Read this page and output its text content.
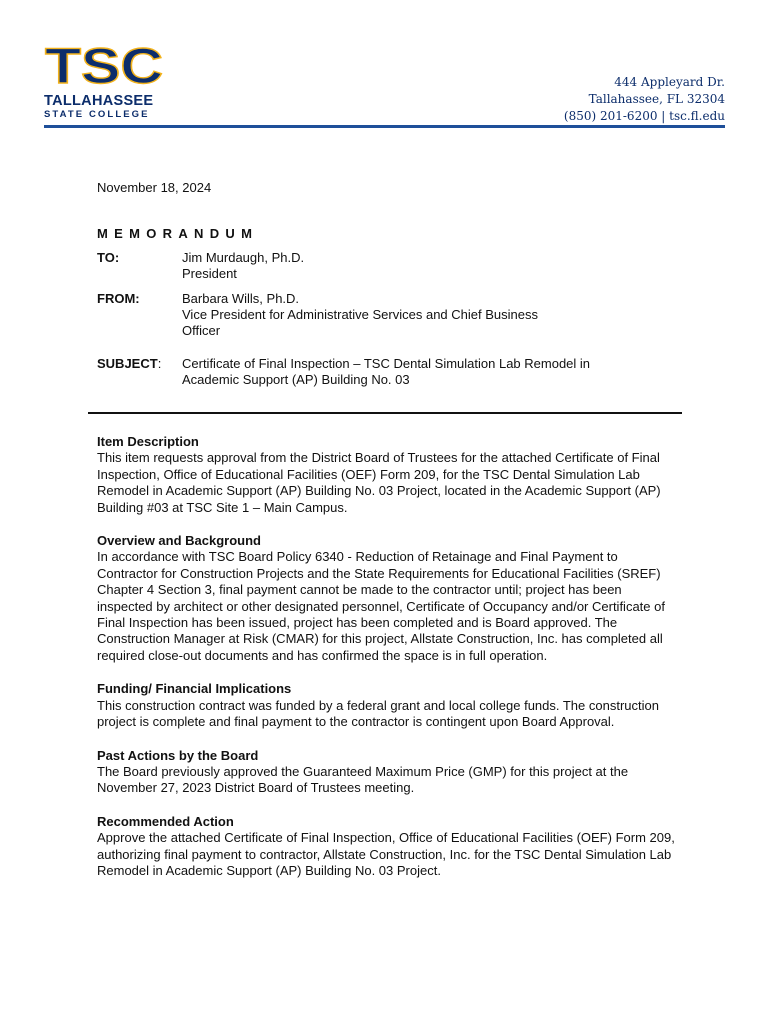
TSC
TALLAHASSEE
STATE COLLEGE
444 Appleyard Dr.
Tallahassee, FL 32304
(850) 201-6200 | tsc.fl.edu
November 18, 2024
MEMORANDUM
TO:	Jim Murdaugh, Ph.D.
President
FROM:	Barbara Wills, Ph.D.
Vice President for Administrative Services and Chief Business
Officer
SUBJECT: Certificate of Final Inspection – TSC Dental Simulation Lab Remodel in
Academic Support (AP) Building No. 03
Item Description

This item requests approval from the District Board of Trustees for the attached Certificate of Final Inspection, Office of Educational Facilities (OEF) Form 209, for the TSC Dental Simulation Lab Remodel in Academic Support (AP) Building No. 03 Project, located in the Academic Support (AP) Building #03 at TSC Site 1 – Main Campus.

Overview and Background

In accordance with TSC Board Policy 6340 - Reduction of Retainage and Final Payment to Contractor for Construction Projects and the State Requirements for Educational Facilities (SREF) Chapter 4 Section 3, final payment cannot be made to the contractor until; project has been inspected by architect or other designated personnel, Certificate of Occupancy and/or Certificate of Final Inspection has been issued, project has been completed and is Board approved. The Construction Manager at Risk (CMAR) for this project, Allstate Construction, Inc. has completed all required close-out documents and has confirmed the space is in full operation.

Funding/ Financial Implications

This construction contract was funded by a federal grant and local college funds. The construction project is complete and final payment to the contractor is contingent upon Board Approval.

Past Actions by the Board

The Board previously approved the Guaranteed Maximum Price (GMP) for this project at the November 27, 2023 District Board of Trustees meeting.

Recommended Action

Approve the attached Certificate of Final Inspection, Office of Educational Facilities (OEF) Form 209, authorizing final payment to contractor, Allstate Construction, Inc. for the TSC Dental Simulation Lab Remodel in Academic Support (AP) Building No. 03 Project.
